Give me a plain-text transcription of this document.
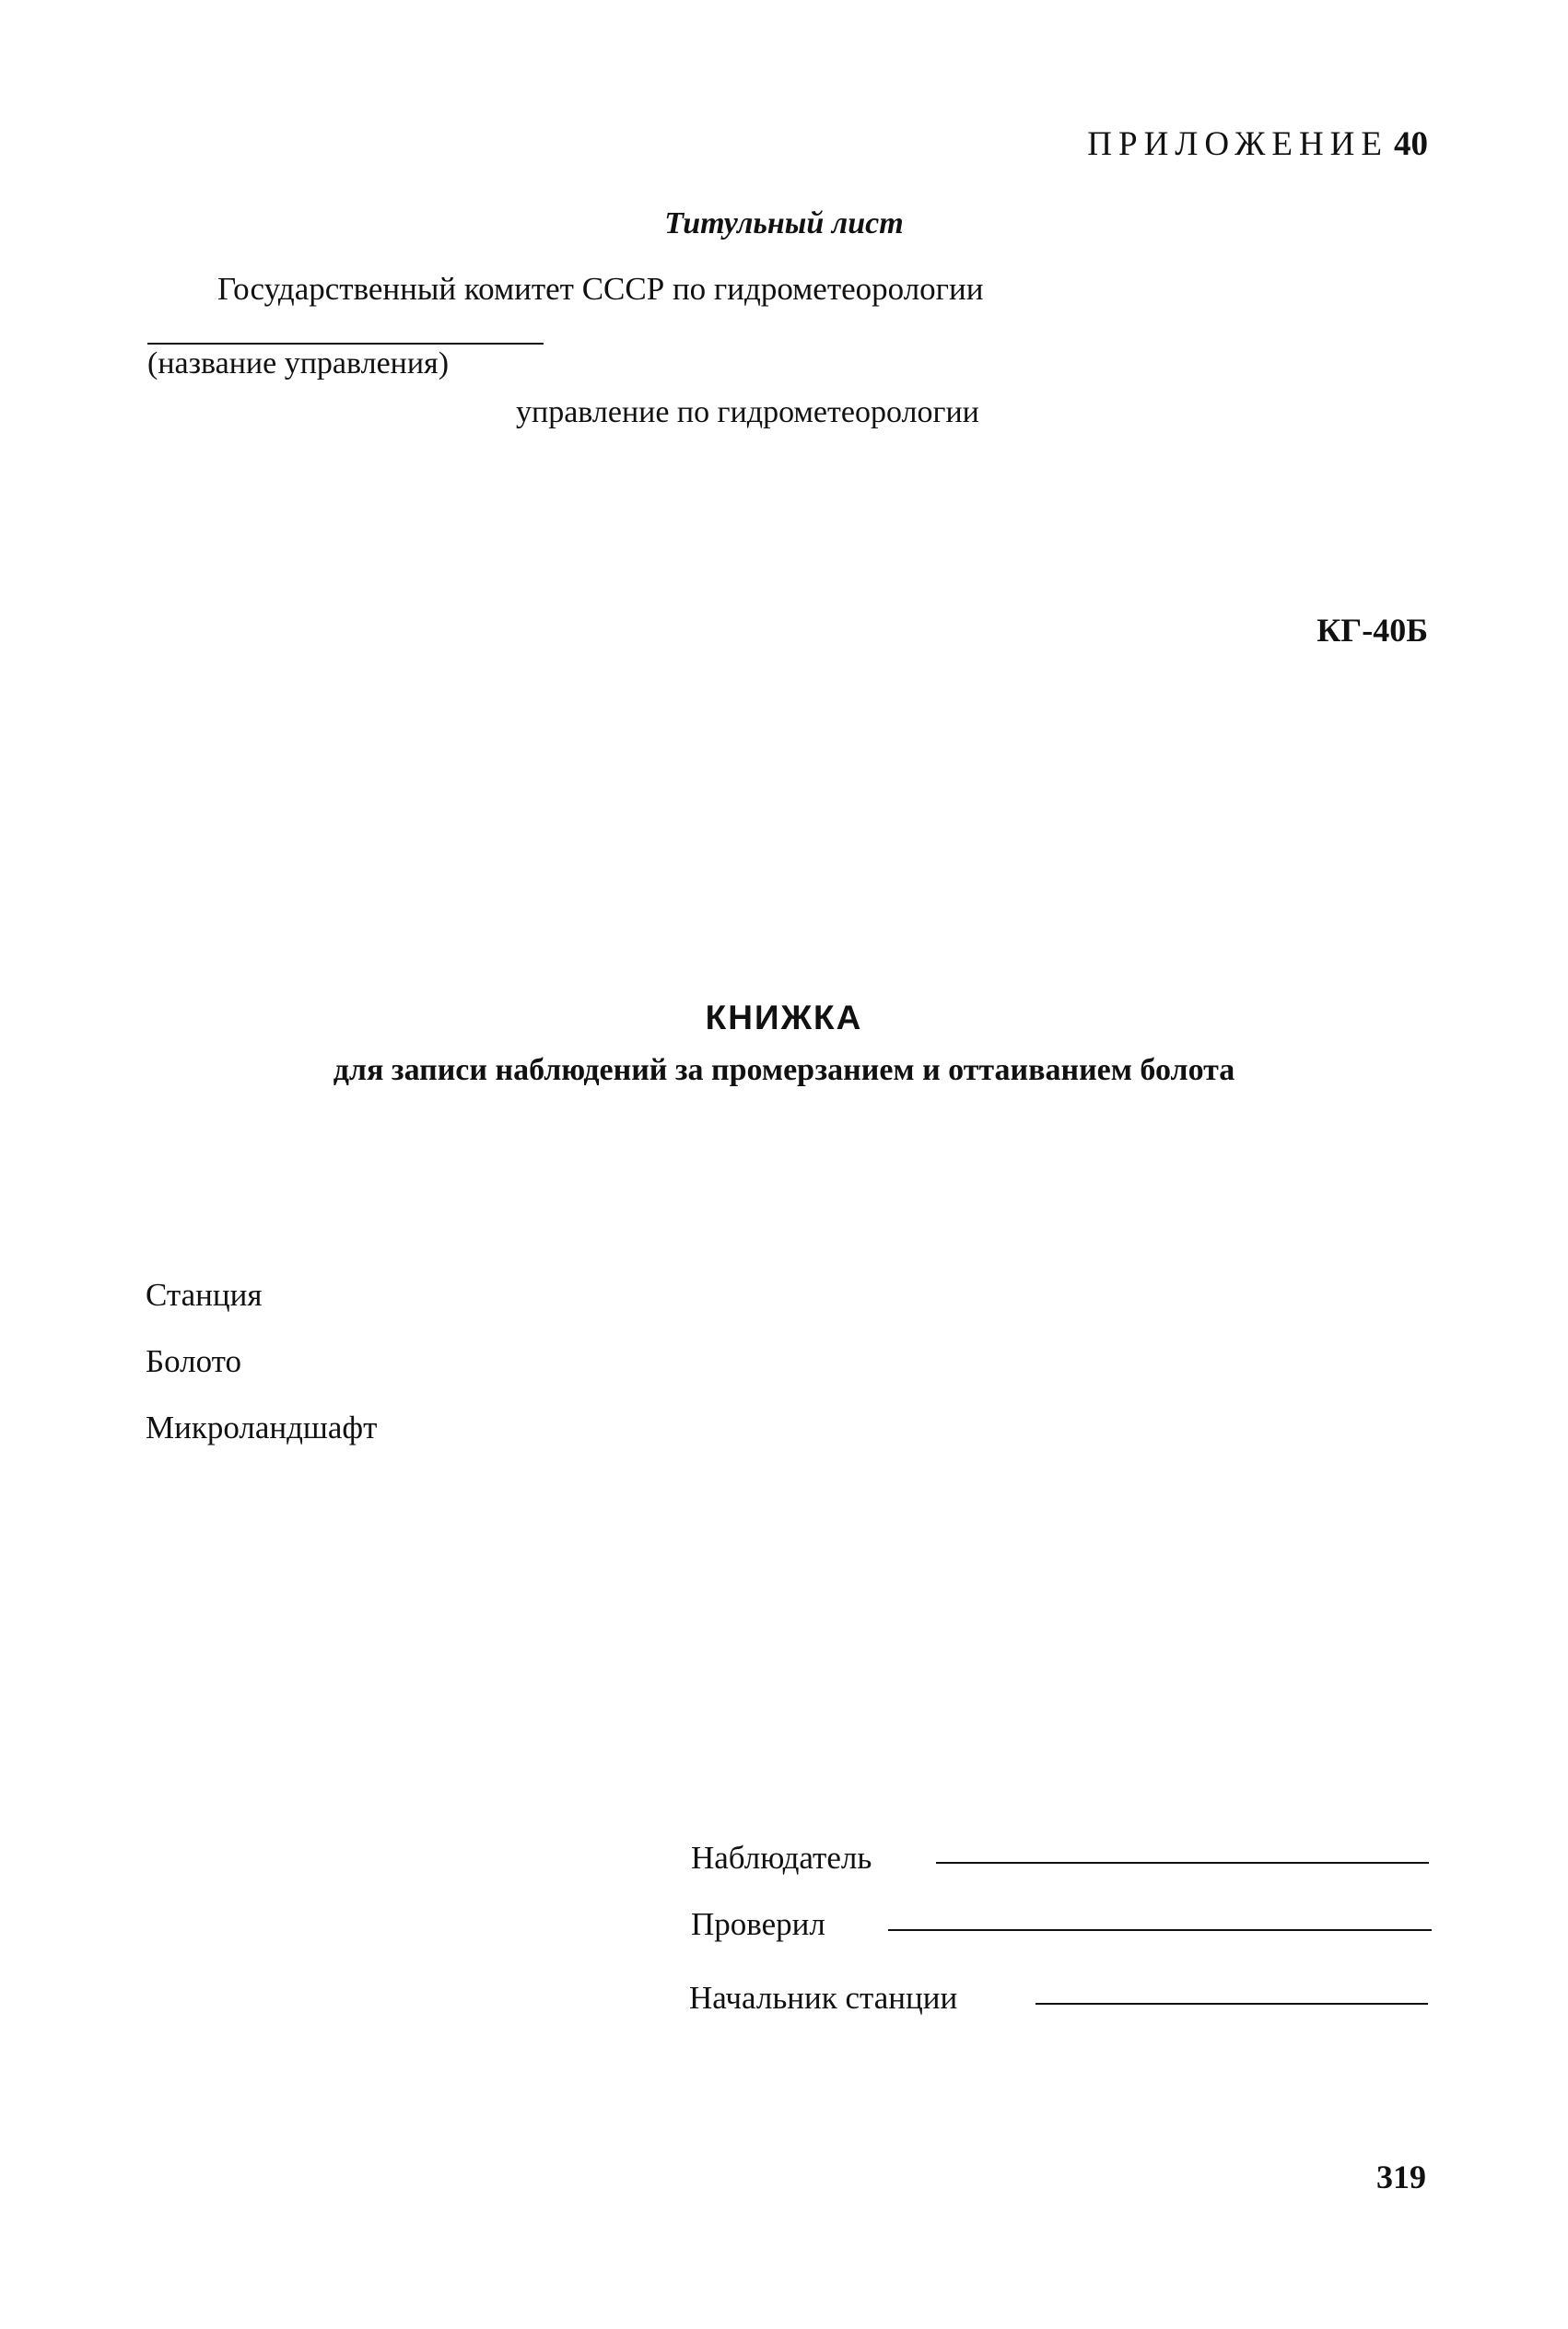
ПРИЛОЖЕНИЕ 40
Титульный лист
Государственный комитет СССР по гидрометеорологии
(название управления)
управление по гидрометеорологии
КГ-40Б
КНИЖКА
для записи наблюдений за промерзанием и оттаиванием болота
Станция
Болото
Микроландшафт
Наблюдатель
Проверил
Начальник станции
319
